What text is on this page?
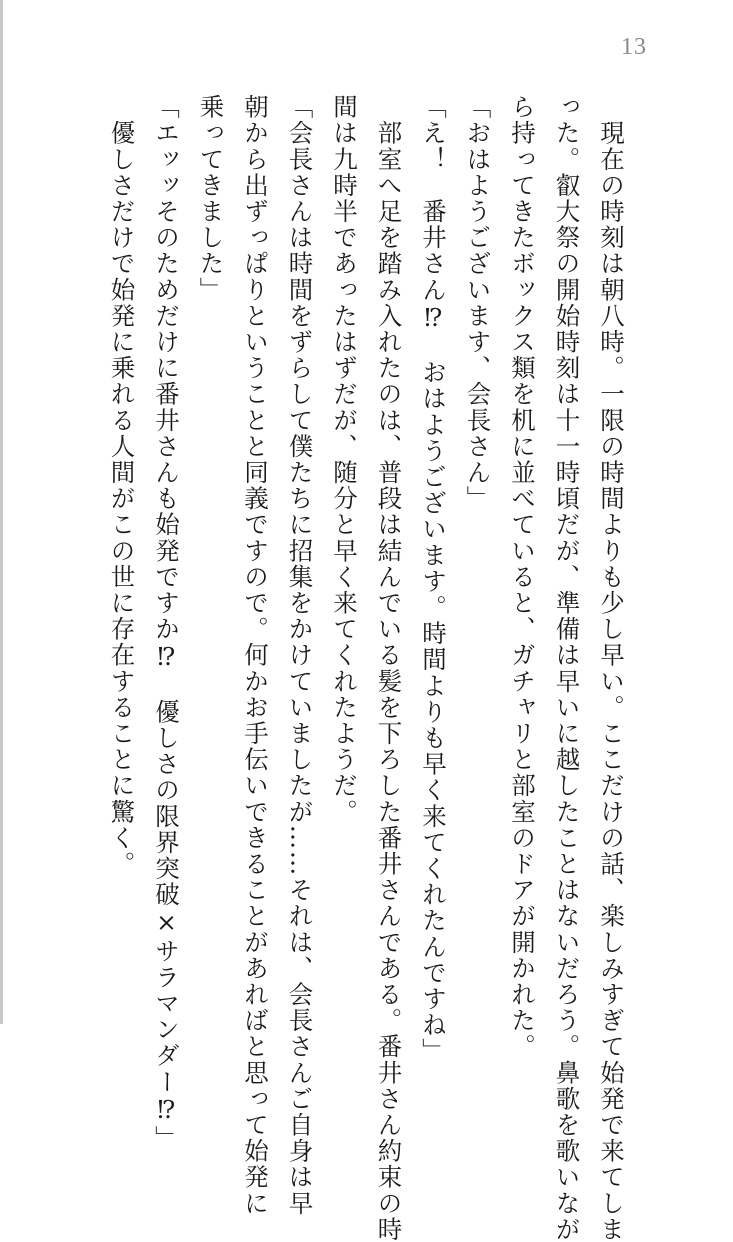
13
　現在の時刻は朝八時。一限の時間よりも少し早い。ここだけの話、楽しみすぎて始発で来てしま
った。叡大祭の開始時刻は十一時頃だが、準備は早いに越したことはないだろう。鼻歌を歌いなが
ら持ってきたボックス類を机に並べていると、ガチャリと部室のドアが開かれた。
「おはようございます、会長さん」
「え！　番井さん⁉　おはようございます。時間よりも早く来てくれたんですね」
　部室へ足を踏み入れたのは、普段は結んでいる髪を下ろした番井さんである。番井さん約束の時
間は九時半であったはずだが、随分と早く来てくれたようだ。
「会長さんは時間をずらして僕たちに招集をかけていましたが……それは、会長さんご自身は早
朝から出ずっぱりということと同義ですので。何かお手伝いできることがあればと思って始発に
乗ってきました」
「エッッそのためだけに番井さんも始発ですか⁉　優しさの限界突破×サラマンダー⁉」
　優しさだけで始発に乗れる人間がこの世に存在することに驚く。
